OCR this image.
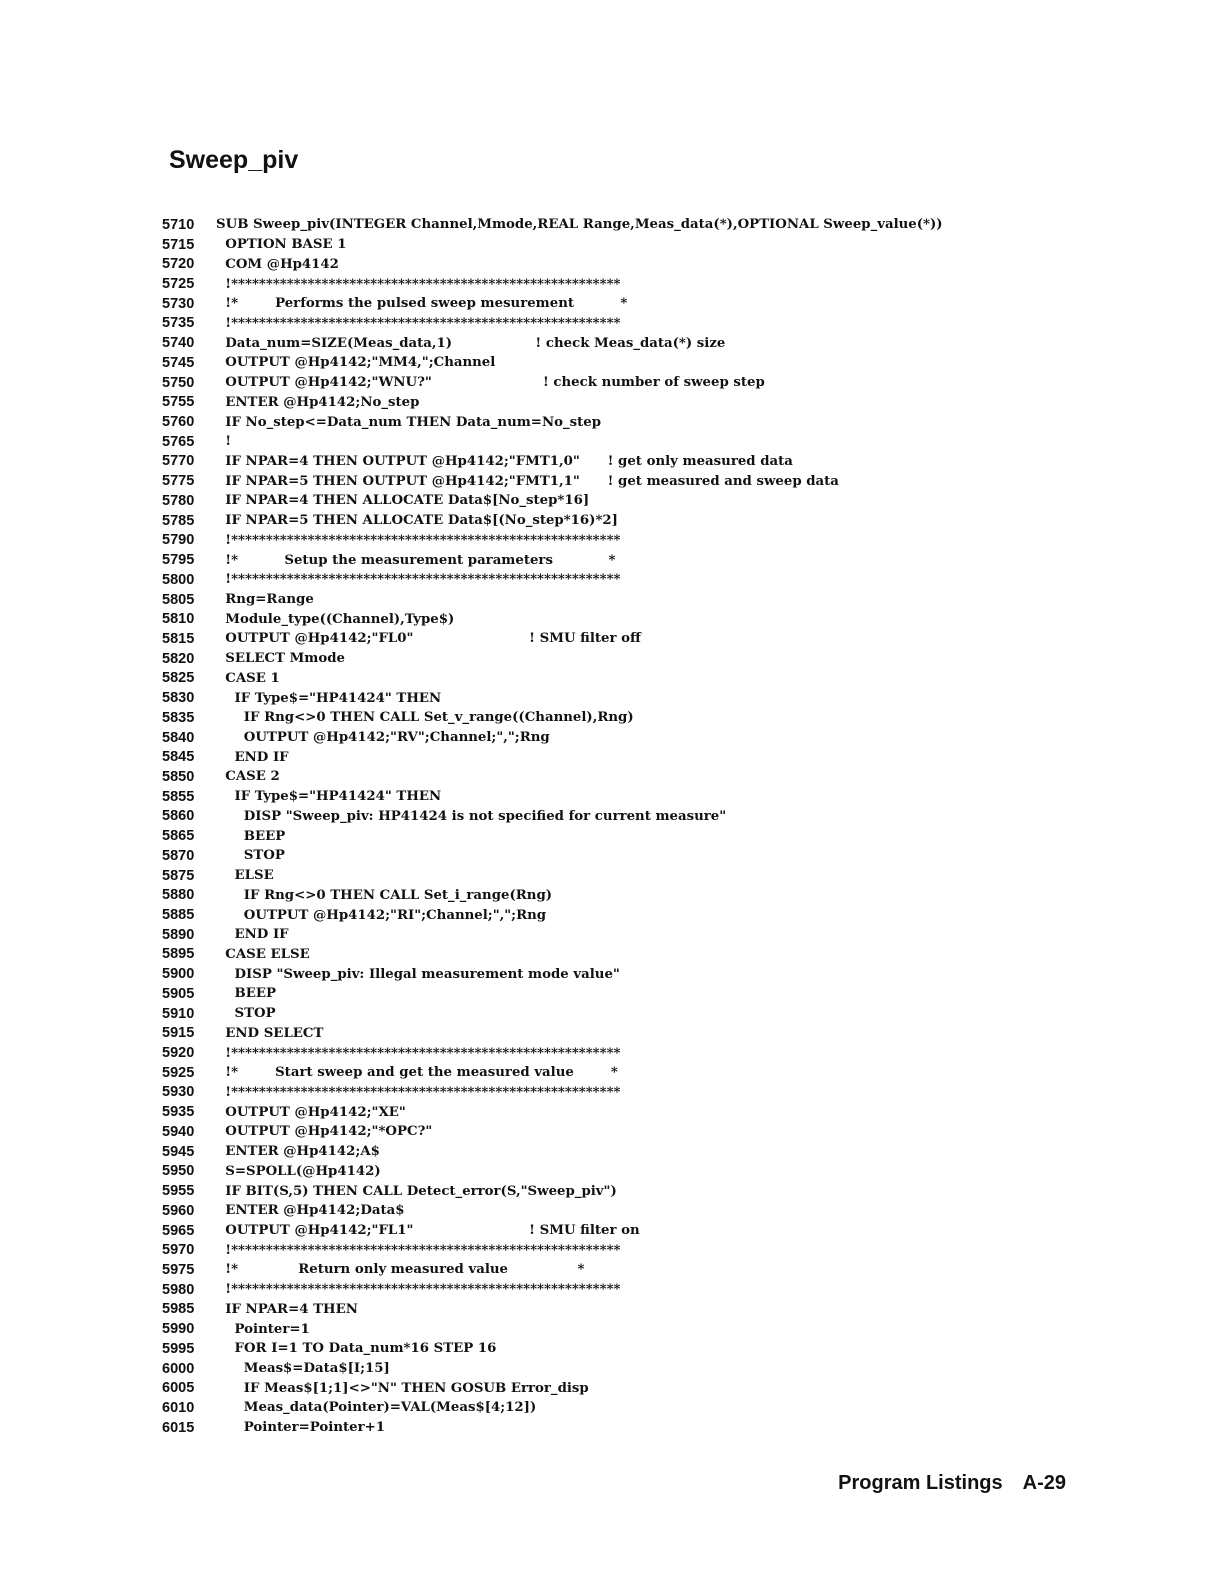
Sweep_piv
5710	SUB Sweep_piv(INTEGER Channel,Mmode,REAL Range,Meas_data(*),OPTIONAL Sweep_value(*))
5715	OPTION BASE 1
5720	COM @Hp4142
5725	!********************************************************
5730	!*        Performs the pulsed sweep mesurement          *
5735	!********************************************************
5740	Data_num=SIZE(Meas_data,1)                  ! check Meas_data(*) size
5745	OUTPUT @Hp4142;"MM4,";Channel
5750	OUTPUT @Hp4142;"WNU?"                        ! check number of sweep step
5755	ENTER @Hp4142;No_step
5760	IF No_step<=Data_num THEN Data_num=No_step
5765	!
5770	IF NPAR=4 THEN OUTPUT @Hp4142;"FMT1,0"      ! get only measured data
5775	IF NPAR=5 THEN OUTPUT @Hp4142;"FMT1,1"      ! get measured and sweep data
5780	IF NPAR=4 THEN ALLOCATE Data$[No_step*16]
5785	IF NPAR=5 THEN ALLOCATE Data$[(No_step*16)*2]
5790	!********************************************************
5795	!*          Setup the measurement parameters            *
5800	!********************************************************
5805	Rng=Range
5810	Module_type((Channel),Type$)
5815	OUTPUT @Hp4142;"FL0"                         ! SMU filter off
5820	SELECT Mmode
5825	CASE 1
5830	IF Type$="HP41424" THEN
5835	IF Rng<>0 THEN CALL Set_v_range((Channel),Rng)
5840	OUTPUT @Hp4142;"RV";Channel;",";Rng
5845	END IF
5850	CASE 2
5855	IF Type$="HP41424" THEN
5860	DISP "Sweep_piv: HP41424 is not specified for current measure"
5865	BEEP
5870	STOP
5875	ELSE
5880	IF Rng<>0 THEN CALL Set_i_range(Rng)
5885	OUTPUT @Hp4142;"RI";Channel;",";Rng
5890	END IF
5895	CASE ELSE
5900	DISP "Sweep_piv: Illegal measurement mode value"
5905	BEEP
5910	STOP
5915	END SELECT
5920	!********************************************************
5925	!*        Start sweep and get the measured value        *
5930	!********************************************************
5935	OUTPUT @Hp4142;"XE"
5940	OUTPUT @Hp4142;"*OPC?"
5945	ENTER @Hp4142;A$
5950	S=SPOLL(@Hp4142)
5955	IF BIT(S,5) THEN CALL Detect_error(S,"Sweep_piv")
5960	ENTER @Hp4142;Data$
5965	OUTPUT @Hp4142;"FL1"                         ! SMU filter on
5970	!********************************************************
5975	!*             Return only measured value               *
5980	!********************************************************
5985	IF NPAR=4 THEN
5990	Pointer=1
5995	FOR I=1 TO Data_num*16 STEP 16
6000	Meas$=Data$[I;15]
6005	IF Meas$[1;1]<>"N" THEN GOSUB Error_disp
6010	Meas_data(Pointer)=VAL(Meas$[4;12])
6015	Pointer=Pointer+1
Program Listings A-29
